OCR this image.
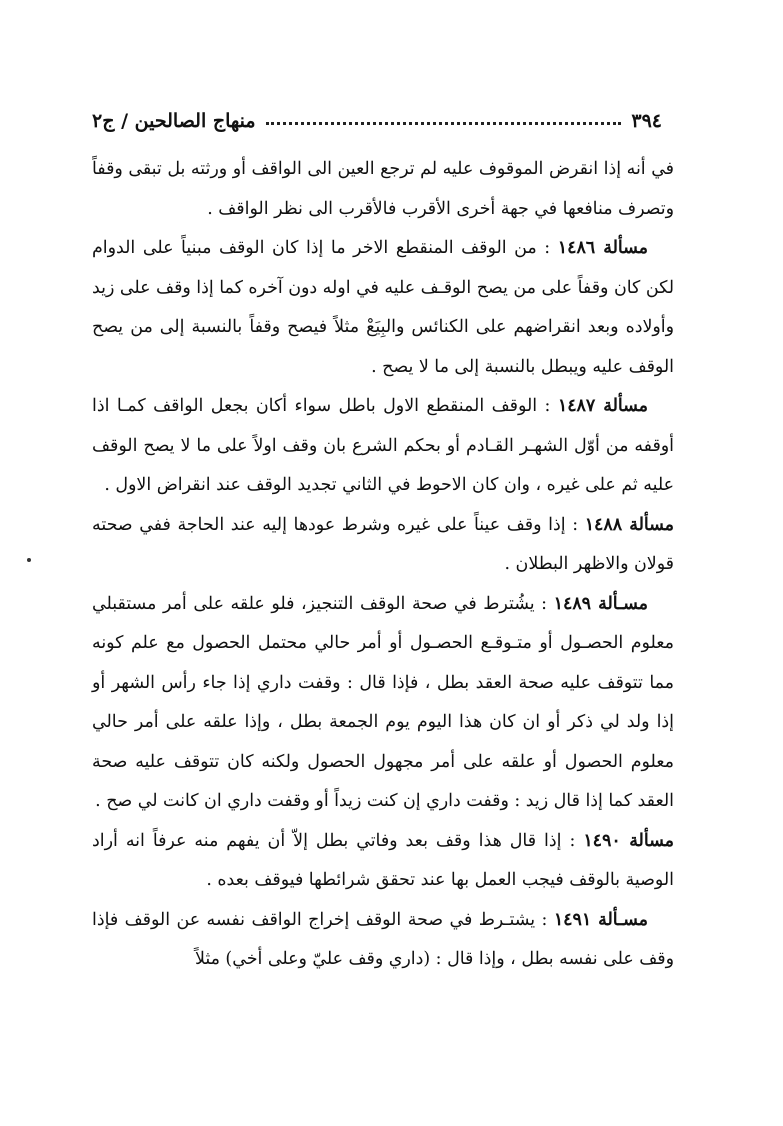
٣٩٤
منهاج الصالحين / ج٢

في أنه إذا انقرض الموقوف عليه لم ترجع العين الى الواقف أو ورثته بل تبقى وقفاً وتصرف منافعها في جهة أخرى الأقرب فالأقرب الى نظر الواقف .

مسألة ١٤٨٦ : من الوقف المنقطع الاخر ما إذا كان الوقف مبنياً على الدوام لكن كان وقفاً على من يصح الوقـف عليه في اوله دون آخره كما إذا وقف على زيد وأولاده وبعد انقراضهم على الكنائس والبِيَعْ مثلاً فيصح وقفاً بالنسبة إلى من يصح الوقف عليه ويبطل بالنسبة إلى ما لا يصح .

مسألة ١٤٨٧ : الوقف المنقطع الاول باطل سواء أكان بجعل الواقف كمـا اذا أوقفه من أوّل الشهـر القـادم أو بحكم الشرع بان وقف اولاً على ما لا يصح الوقف عليه ثم على غيره ، وان كان الاحوط في الثاني تجديد الوقف عند انقراض الاول .

مسألة ١٤٨٨ : إذا وقف عيناً على غيره وشرط عودها إليه عند الحاجة ففي صحته قولان والاظهر البطلان .

مسـألة ١٤٨٩ : يشُترط في صحة الوقف التنجيز، فلو علقه على أمر مستقبلي معلوم الحصـول أو متـوقـع الحصـول أو أمر حالي محتمل الحصول مع علم كونه مما تتوقف عليه صحة العقد بطل ، فإذا قال : وقفت داري إذا جاء رأس الشهر أو إذا ولد لي ذكر أو ان كان هذا اليوم يوم الجمعة بطل ، وإذا علقه على أمر حالي معلوم الحصول أو علقه على أمر مجهول الحصول ولكنه كان تتوقف عليه صحة العقد كما إذا قال زيد : وقفت داري إن كنت زيداً أو وقفت داري ان كانت لي صح .

مسألة ١٤٩٠ : إذا قال هذا وقف بعد وفاتي بطل إلاّ أن يفهم منه عرفاً انه أراد الوصية بالوقف فيجب العمل بها عند تحقق شرائطها فيوقف بعده .

مسـألة ١٤٩١ : يشتـرط في صحة الوقف إخراج الواقف نفسه عن الوقف فإذا وقف على نفسه بطل ، وإذا قال : (داري وقف عليّ وعلى أخي) مثلاً
